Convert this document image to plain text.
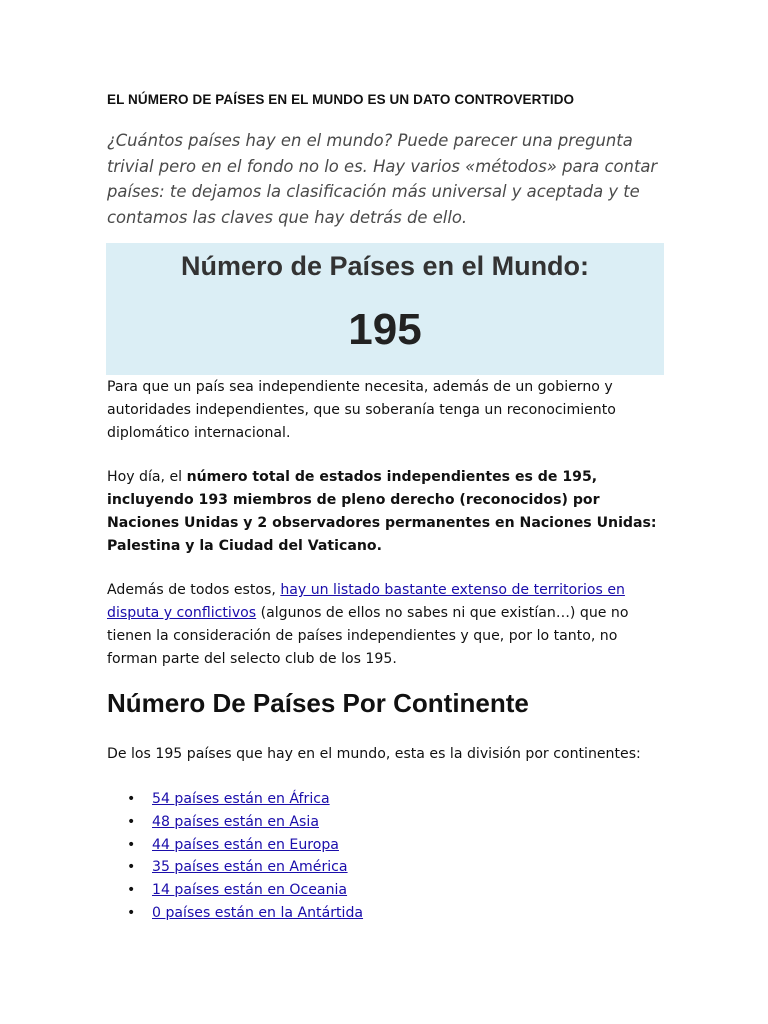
EL NÚMERO DE PAÍSES EN EL MUNDO ES UN DATO CONTROVERTIDO

¿Cuántos países hay en el mundo? Puede parecer una pregunta trivial pero en el fondo no lo es. Hay varios «métodos» para contar países: te dejamos la clasificación más universal y aceptada y te contamos las claves que hay detrás de ello.

Número de Países en el Mundo:
195

Para que un país sea independiente necesita, además de un gobierno y autoridades independientes, que su soberanía tenga un reconocimiento diplomático internacional.

Hoy día, el número total de estados independientes es de 195, incluyendo 193 miembros de pleno derecho (reconocidos) por Naciones Unidas y 2 observadores permanentes en Naciones Unidas: Palestina y la Ciudad del Vaticano.

Además de todos estos, hay un listado bastante extenso de territorios en disputa y conflictivos (algunos de ellos no sabes ni que existían…) que no tienen la consideración de países independientes y que, por lo tanto, no forman parte del selecto club de los 195.

Número De Países Por Continente

De los 195 países que hay en el mundo, esta es la división por continentes:

• 54 países están en África
• 48 países están en Asia
• 44 países están en Europa
• 35 países están en América
• 14 países están en Oceania
• 0 países están en la Antártida
